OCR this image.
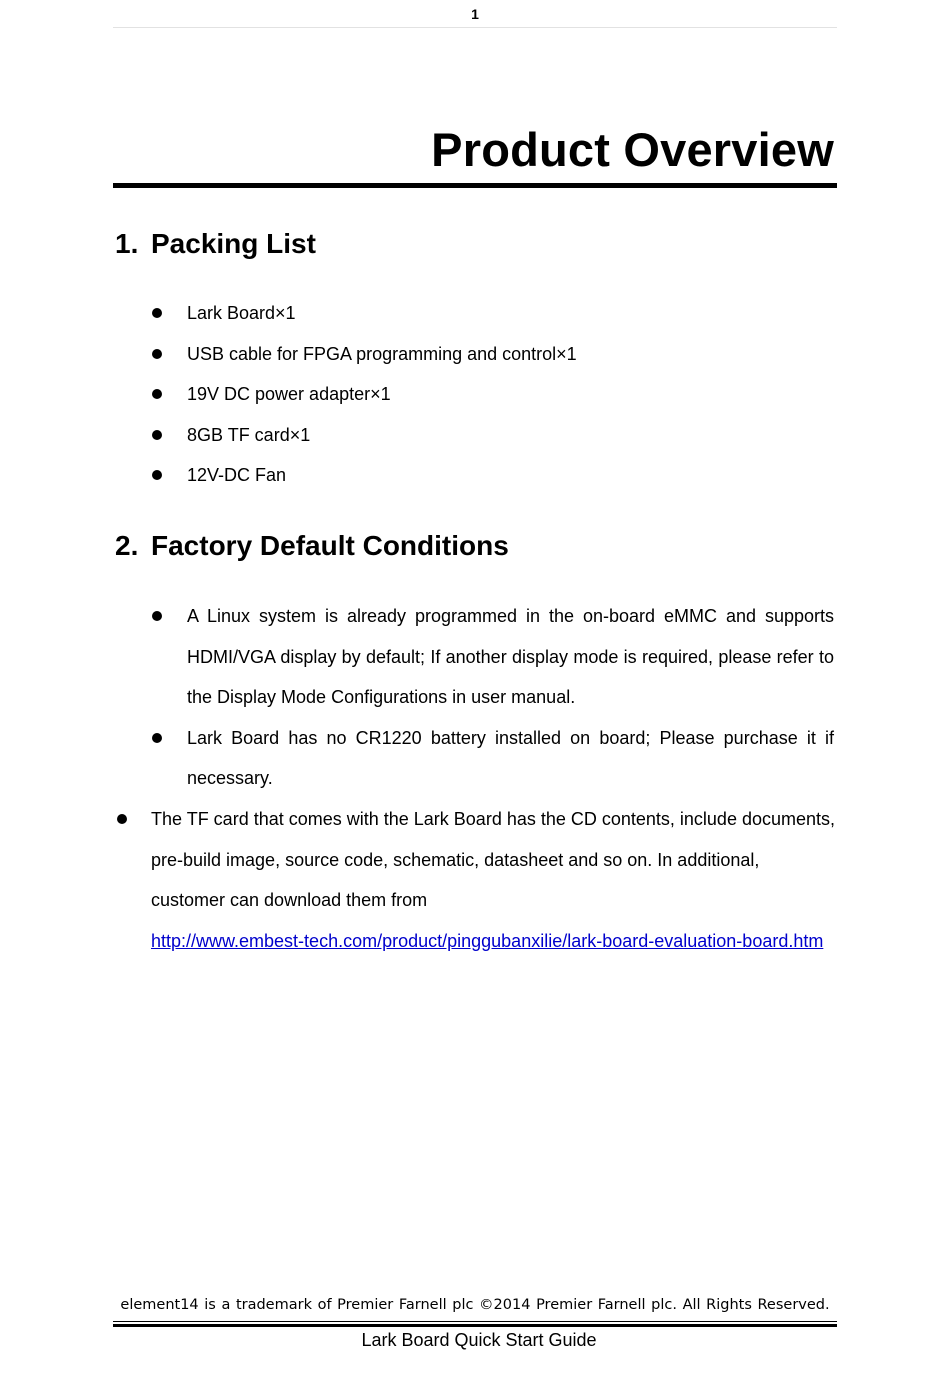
1
Product Overview
1. Packing List
Lark Board×1
USB cable for FPGA programming and control×1
19V DC power adapter×1
8GB TF card×1
12V-DC Fan
2. Factory Default Conditions
A Linux system is already programmed in the on-board eMMC and supports HDMI/VGA display by default; If another display mode is required, please refer to the Display Mode Configurations in user manual.
Lark Board has no CR1220 battery installed on board; Please purchase it if necessary.
The TF card that comes with the Lark Board has the CD contents, include documents,
pre-build image, source code, schematic, datasheet and so on. In additional,
customer can download them from
http://www.embest-tech.com/product/pinggubanxilie/lark-board-evaluation-board.htm
element14 is a trademark of Premier Farnell plc ©2014 Premier Farnell plc. All Rights Reserved.
Lark Board Quick Start Guide
